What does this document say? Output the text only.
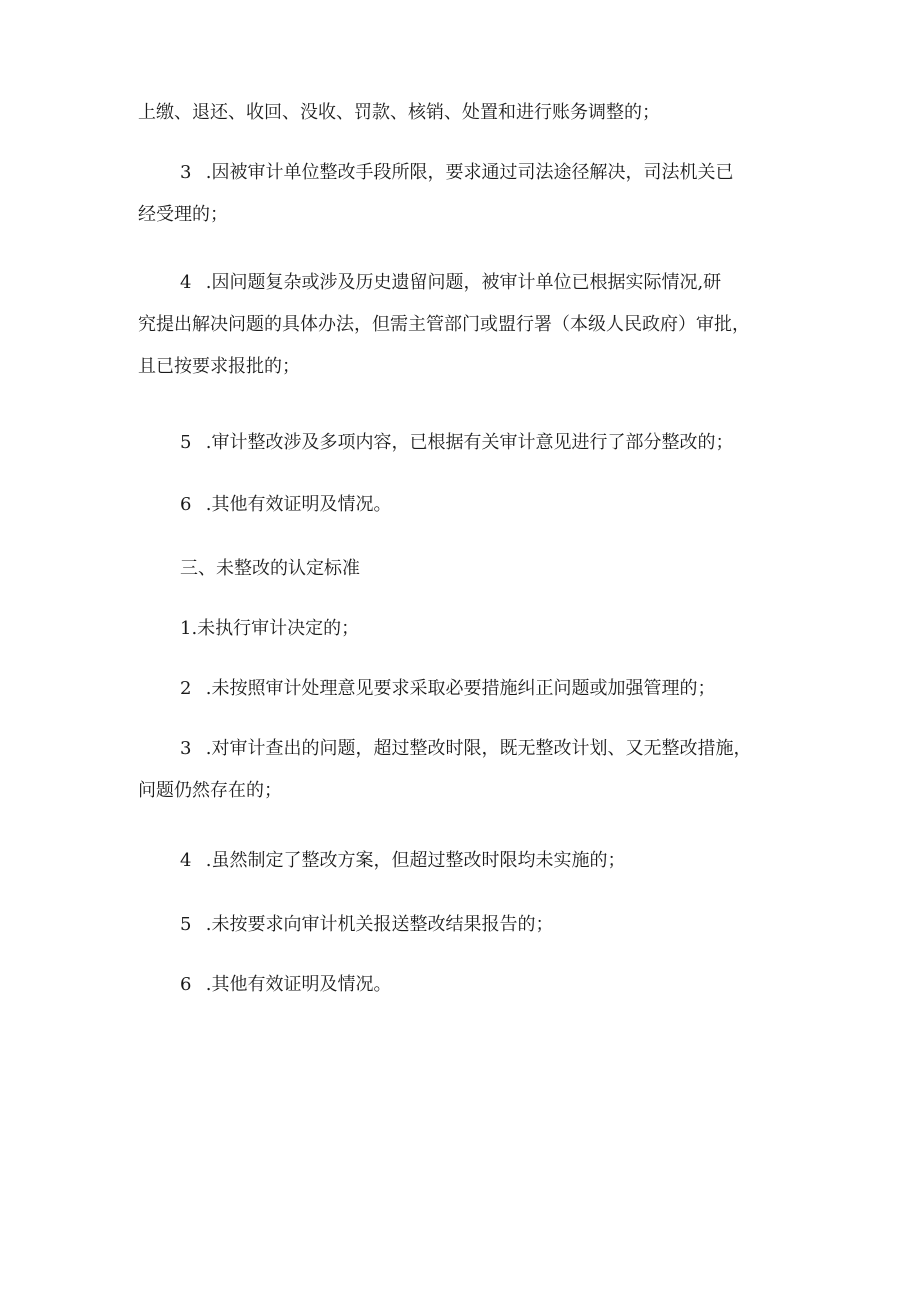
上缴、退还、收回、没收、罚款、核销、处置和进行账务调整的；
3 .因被审计单位整改手段所限，要求通过司法途径解决，司法机关已
经受理的；
4 .因问题复杂或涉及历史遗留问题，被审计单位已根据实际情况,研
究提出解决问题的具体办法，但需主管部门或盟行署（本级人民政府）审批，
且已按要求报批的；
5 .审计整改涉及多项内容，已根据有关审计意见进行了部分整改的；
6 .其他有效证明及情况。
三、未整改的认定标准
1.未执行审计决定的；
2 .未按照审计处理意见要求采取必要措施纠正问题或加强管理的；
3 .对审计查出的问题，超过整改时限，既无整改计划、又无整改措施，
问题仍然存在的；
4 .虽然制定了整改方案，但超过整改时限均未实施的；
5 .未按要求向审计机关报送整改结果报告的；
6 .其他有效证明及情况。
